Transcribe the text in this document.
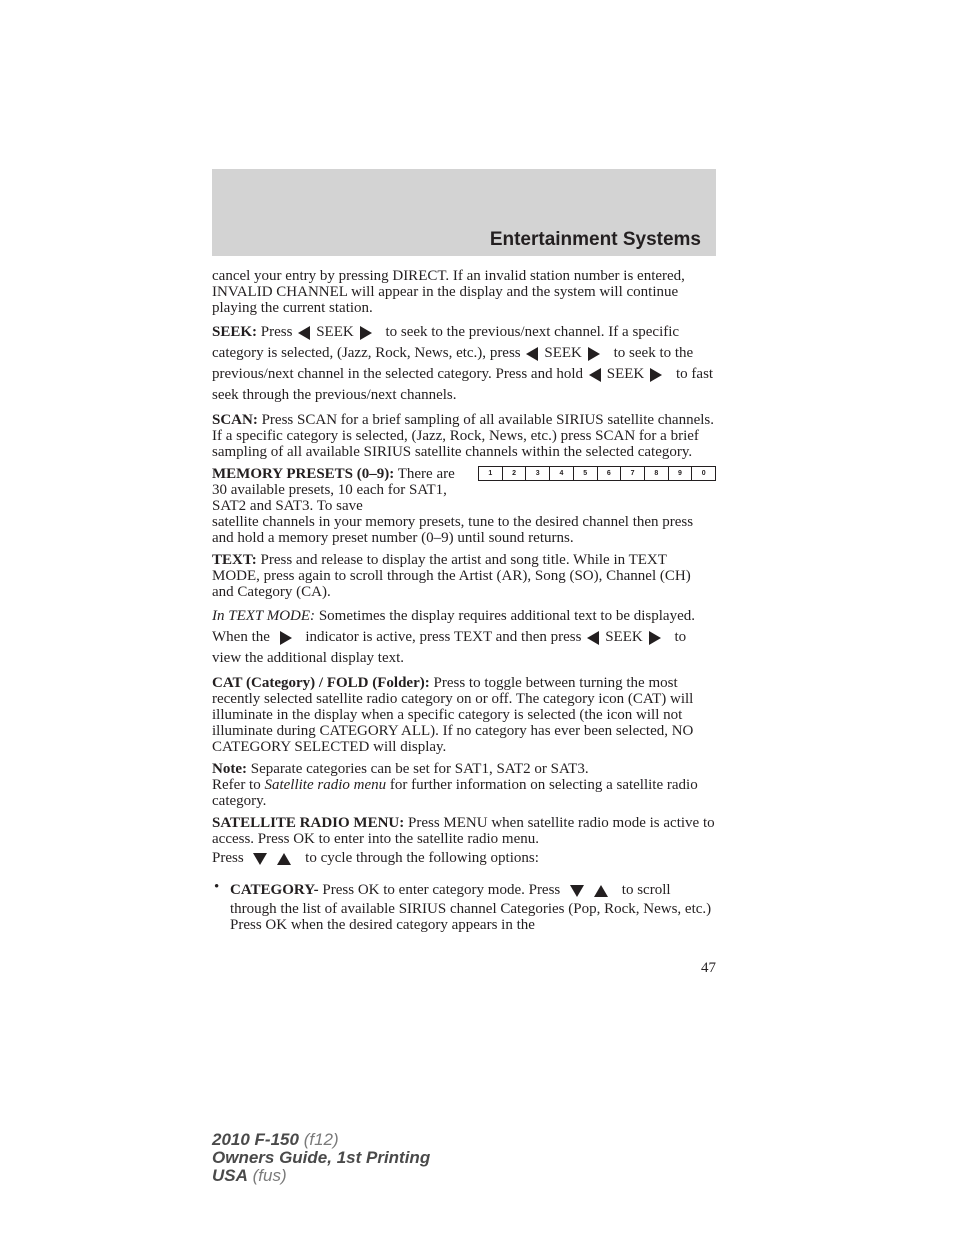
Entertainment Systems

cancel your entry by pressing DIRECT. If an invalid station number is entered, INVALID CHANNEL will appear in the display and the system will continue playing the current station.

SEEK: Press SEEK to seek to the previous/next channel. If a specific category is selected, (Jazz, Rock, News, etc.), press SEEK to seek to the previous/next channel in the selected category. Press and hold SEEK to fast seek through the previous/next channels.

SCAN: Press SCAN for a brief sampling of all available SIRIUS satellite channels. If a specific category is selected, (Jazz, Rock, News, etc.) press SCAN for a brief sampling of all available SIRIUS satellite channels within the selected category.

1	2	3	4	5	6	7	8	9	0

MEMORY PRESETS (0–9): There are 30 available presets, 10 each for SAT1, SAT2 and SAT3. To save

satellite channels in your memory presets, tune to the desired channel then press and hold a memory preset number (0–9) until sound returns.

TEXT: Press and release to display the artist and song title. While in TEXT MODE, press again to scroll through the Artist (AR), Song (SO), Channel (CH) and Category (CA).

In TEXT MODE: Sometimes the display requires additional text to be displayed. When the indicator is active, press TEXT and then press SEEK to view the additional display text.

CAT (Category) / FOLD (Folder): Press to toggle between turning the most recently selected satellite radio category on or off. The category icon (CAT) will illuminate in the display when a specific category is selected (the icon will not illuminate during CATEGORY ALL). If no category has ever been selected, NO CATEGORY SELECTED will display.

Note: Separate categories can be set for SAT1, SAT2 or SAT3.
Refer to Satellite radio menu for further information on selecting a satellite radio category.

SATELLITE RADIO MENU: Press MENU when satellite radio mode is active to access. Press OK to enter into the satellite radio menu.
Press	to cycle through the following options:

• CATEGORY- Press OK to enter category mode. Press	to scroll through the list of available SIRIUS channel Categories (Pop, Rock, News, etc.) Press OK when the desired category appears in the

47
2010 F-150 (f12)
Owners Guide, 1st Printing
USA (fus)
